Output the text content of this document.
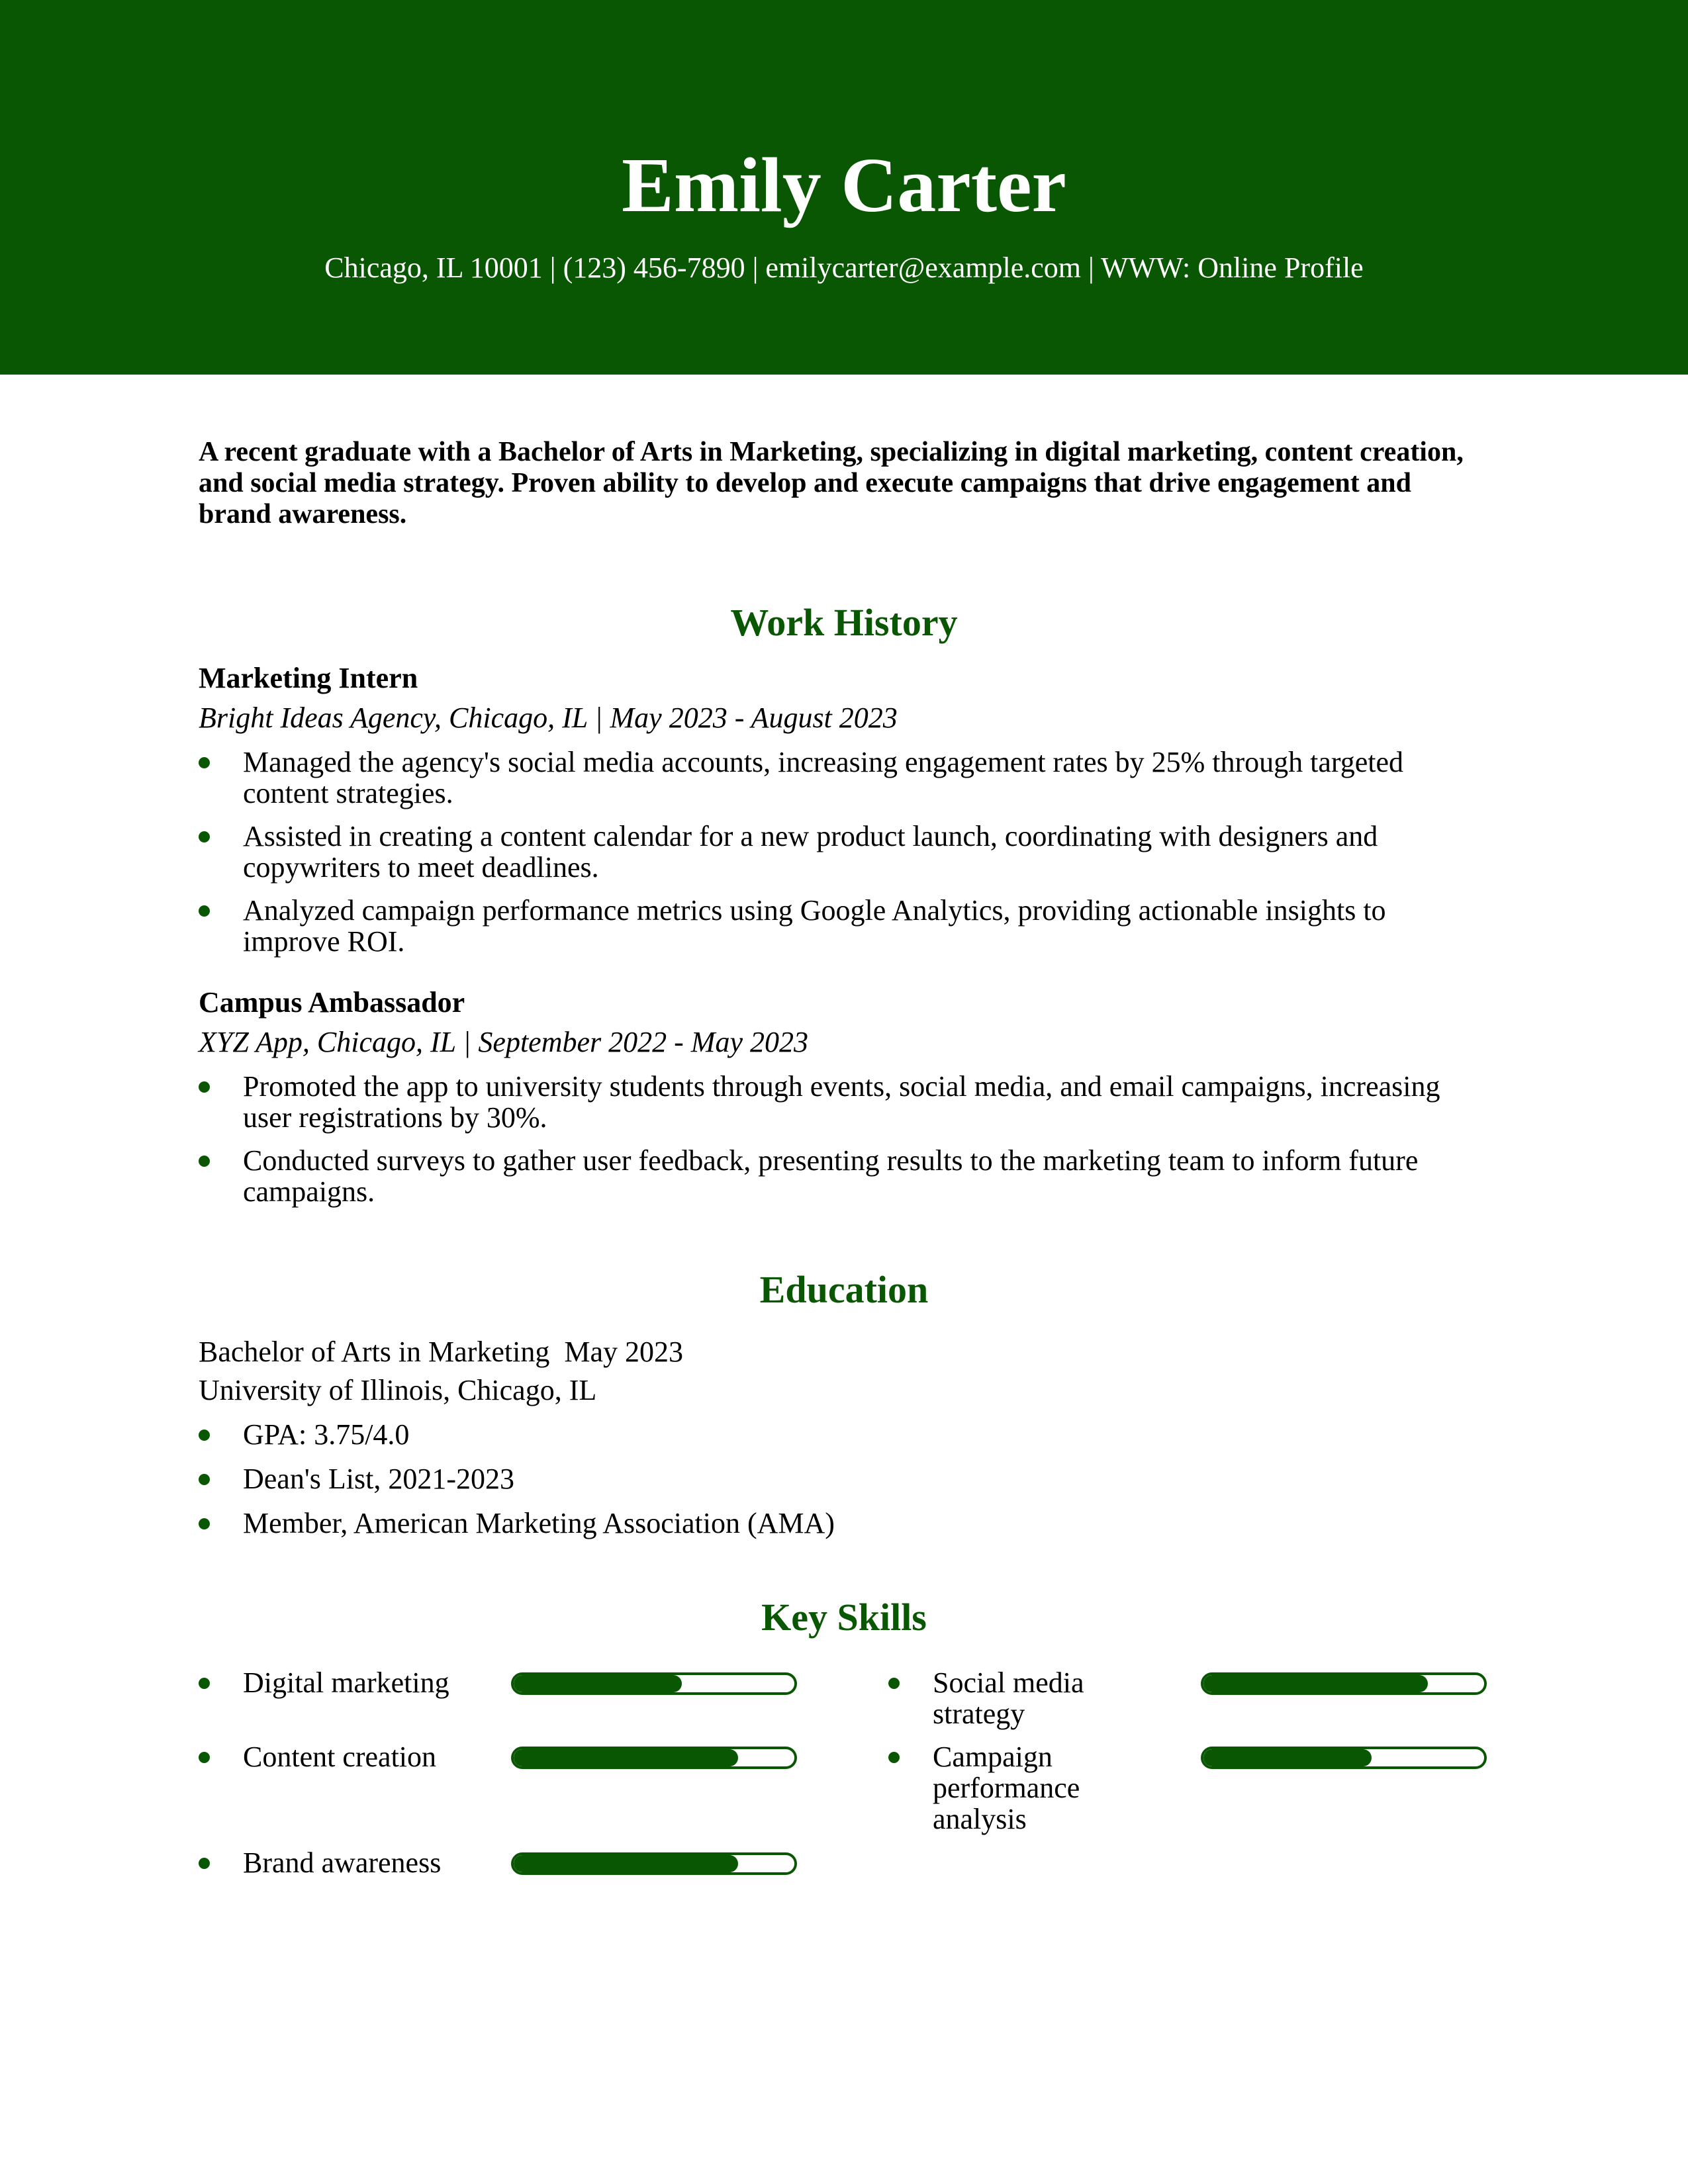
Emily Carter
Chicago, IL 10001 | (123) 456-7890 | emilycarter@example.com | WWW: Online Profile

A recent graduate with a Bachelor of Arts in Marketing, specializing in digital marketing, content creation, and social media strategy. Proven ability to develop and execute campaigns that drive engagement and brand awareness.

Work History

Marketing Intern

Bright Ideas Agency, Chicago, IL | May 2023 - August 2023

Managed the agency's social media accounts, increasing engagement rates by 25% through targeted content strategies.
Assisted in creating a content calendar for a new product launch, coordinating with designers and copywriters to meet deadlines.
Analyzed campaign performance metrics using Google Analytics, providing actionable insights to improve ROI.

Campus Ambassador

XYZ App, Chicago, IL | September 2022 - May 2023

Promoted the app to university students through events, social media, and email campaigns, increasing user registrations by 30%.
Conducted surveys to gather user feedback, presenting results to the marketing team to inform future campaigns.
Education

Bachelor of Arts in Marketing  May 2023

University of Illinois, Chicago, IL

GPA: 3.75/4.0
Dean's List, 2021-2023
Member, American Marketing Association (AMA)
Key Skills
Digital marketing	Social media strategy
Content creation	Campaign performance analysis
Brand awareness
